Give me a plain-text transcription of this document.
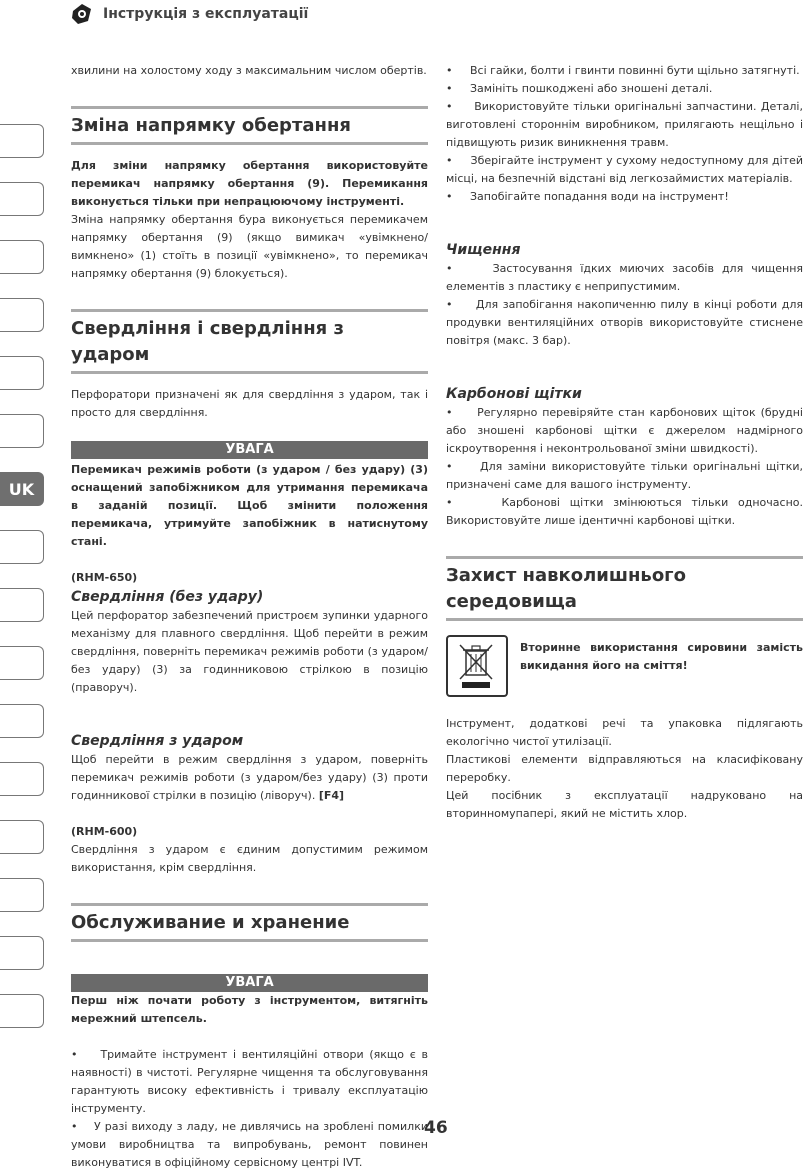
Інструкція з експлуатації
UK

хвилини на холостому ходу з максимальним числом обертів.

Зміна напрямку обертання

Для зміни напрямку обертання використовуйте перемикач напрямку обертання (9). Перемикання виконується тільки при непрацюючому інструменті.

Зміна напрямку обертання бура виконується перемикачем напрямку обертання (9) (якщо вимикач «увімкнено/вимкнено» (1) стоїть в позиції «увімкнено», то перемикач напрямку обертання (9) блокується).

Свердління і свердління з ударом

Перфоратори призначені як для свердління з ударом, так і просто для свердління.

УВАГА

Перемикач режимів роботи (з ударом / без удару) (3) оснащений запобіжником для утримання перемикача в заданій позиції. Щоб змінити положення перемикача, утримуйте запобіжник в натиснутому стані.

(RHM-650)

Свердління (без удару)

Цей перфоратор забезпечений пристроєм зупинки ударного механізму для плавного свердління. Щоб перейти в режим свердління, поверніть перемикач режимів роботи (з ударом/без удару) (3) за годинниковою стрілкою в позицію (праворуч).

Свердління з ударом

Щоб перейти в режим свердління з ударом, поверніть перемикач режимів роботи (з ударом/без удару) (3) проти годинникової стрілки в позицію (ліворуч). [F4]

(RHM-600)

Свердління з ударом є єдиним допустимим режимом використання, крім свердління.

Обслуживание и хранение
УВАГА

Перш ніж почати роботу з інструментом, витягніть мережний штепсель.

• Тримайте інструмент і вентиляційні отвори (якщо є в наявності) в чистоті. Регулярне чищення та обслуговування гарантують високу ефективність і тривалу експлуатацію інструменту.

• У разі виходу з ладу, не дивлячись на зроблені помилки умови виробництва та випробувань, ремонт повинен виконуватися в офіційному сервісному центрі IVT.

• Всі гайки, болти і гвинти повинні бути щільно затягнуті.

• Замініть пошкоджені або зношені деталі.

• Використовуйте тільки оригінальні запчастини. Деталі, виготовлені стороннім виробником, прилягають нещільно і підвищують ризик виникнення травм.

• Зберігайте інструмент у сухому недоступному для дітей місці, на безпечній відстані від легкозаймистих матеріалів.

• Запобігайте попадання води на інструмент!

Чищення

•	Застосування їдких миючих засобів для чищення елементів з пластику є неприпустимим.

• Для запобігання накопиченню пилу в кінці роботи для продувки вентиляційних отворів використовуйте стиснене повітря (макс. 3 бар).

Карбонові щітки

• Регулярно перевіряйте стан карбонових щіток (брудні або зношені карбонові щітки є джерелом надмірного іскроутворення і неконтрольованої зміни швидкості).

•	Для заміни використовуйте тільки оригінальні щітки, призначені саме для вашого інструменту.

•	Карбонові щітки змінюються тільки одночасно. Використовуйте лише ідентичні карбонові щітки.

Захист навколишнього середовища

Вторинне використання сировини замість викидання його на сміття!

Інструмент, додаткові речі та упаковка підлягають екологічно чистої утилізації.

Пластикові елементи відправляються на класифіковану переробку.

Цей посібник з експлуатації надруковано на вторинномупапері, який не містить хлор.

46
